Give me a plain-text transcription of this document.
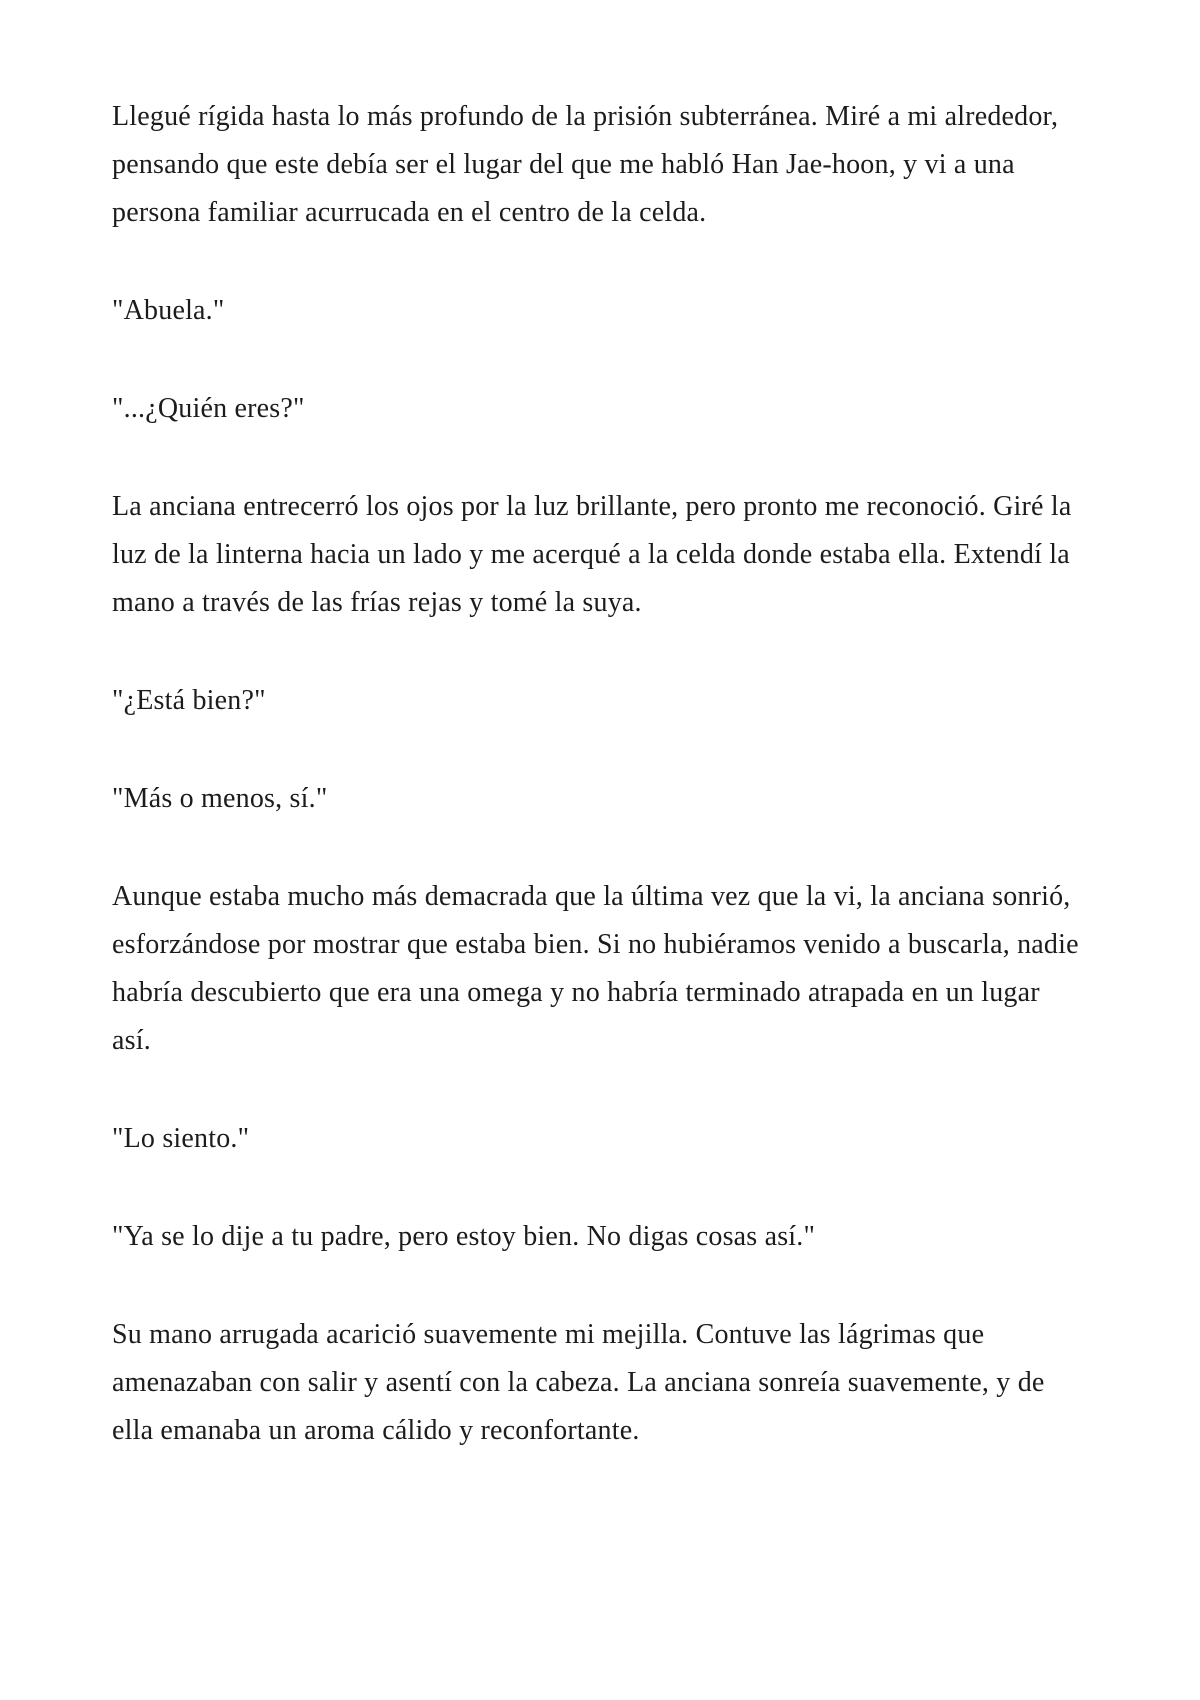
Llegué rígida hasta lo más profundo de la prisión subterránea. Miré a mi alrededor, pensando que este debía ser el lugar del que me habló Han Jae-hoon, y vi a una persona familiar acurrucada en el centro de la celda.

"Abuela."

"...¿Quién eres?"

La anciana entrecerró los ojos por la luz brillante, pero pronto me reconoció. Giré la luz de la linterna hacia un lado y me acerqué a la celda donde estaba ella. Extendí la mano a través de las frías rejas y tomé la suya.

"¿Está bien?"

"Más o menos, sí."

Aunque estaba mucho más demacrada que la última vez que la vi, la anciana sonrió, esforzándose por mostrar que estaba bien. Si no hubiéramos venido a buscarla, nadie habría descubierto que era una omega y no habría terminado atrapada en un lugar así.

"Lo siento."

"Ya se lo dije a tu padre, pero estoy bien. No digas cosas así."

Su mano arrugada acarició suavemente mi mejilla. Contuve las lágrimas que amenazaban con salir y asentí con la cabeza. La anciana sonreía suavemente, y de ella emanaba un aroma cálido y reconfortante.
